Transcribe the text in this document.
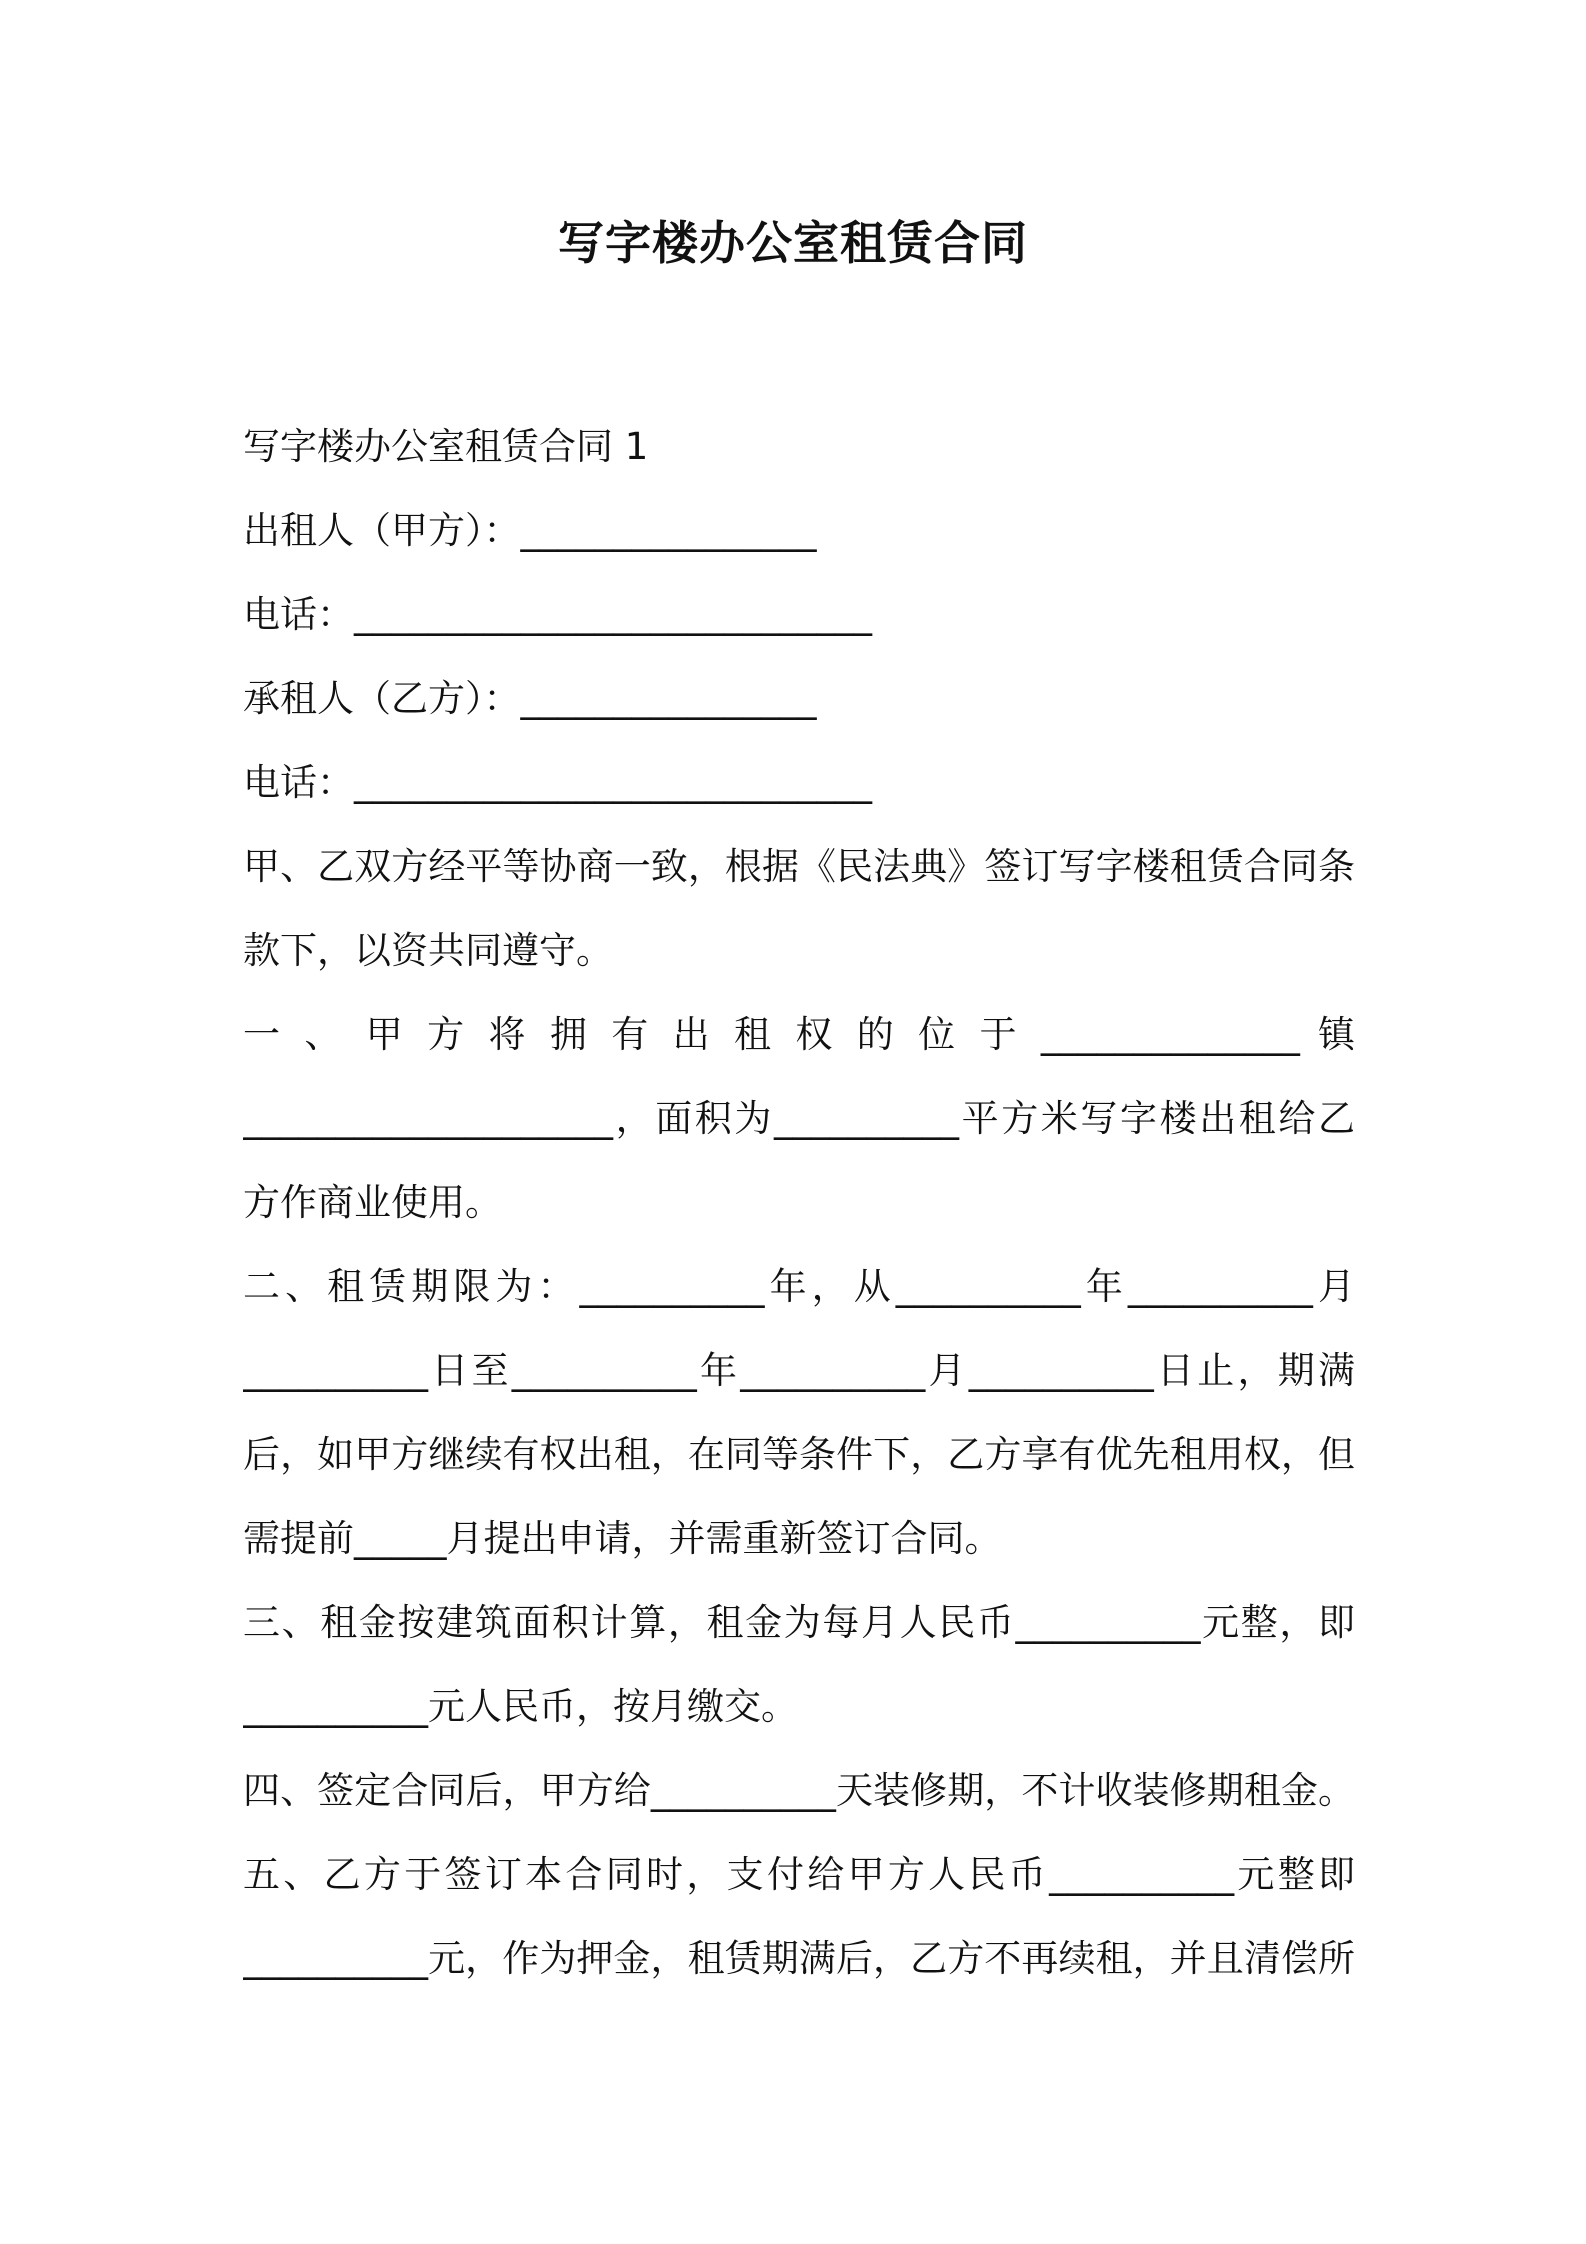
写字楼办公室租赁合同
写字楼办公室租赁合同 1
出租人（甲方）：________________
电话：____________________________
承租人（乙方）：________________
电话：____________________________
甲、乙双方经平等协商一致，根据《民法典》签订写字楼租赁合同条
款下，以资共同遵守。
一 、 甲 方 将 拥 有 出 租 权 的 位 于 ______________ 镇
____________________，面积为__________平方米写字楼出租给乙
方作商业使用。
二、租赁期限为：__________年，从__________年__________月
__________日至__________年__________月__________日止，期满
后，如甲方继续有权出租，在同等条件下，乙方享有优先租用权，但
需提前_____月提出申请，并需重新签订合同。
三、租金按建筑面积计算，租金为每月人民币__________元整，即
__________元人民币，按月缴交。
四、签定合同后，甲方给__________天装修期，不计收装修期租金。
五、乙方于签订本合同时，支付给甲方人民币__________元整即
__________元，作为押金，租赁期满后，乙方不再续租，并且清偿所
